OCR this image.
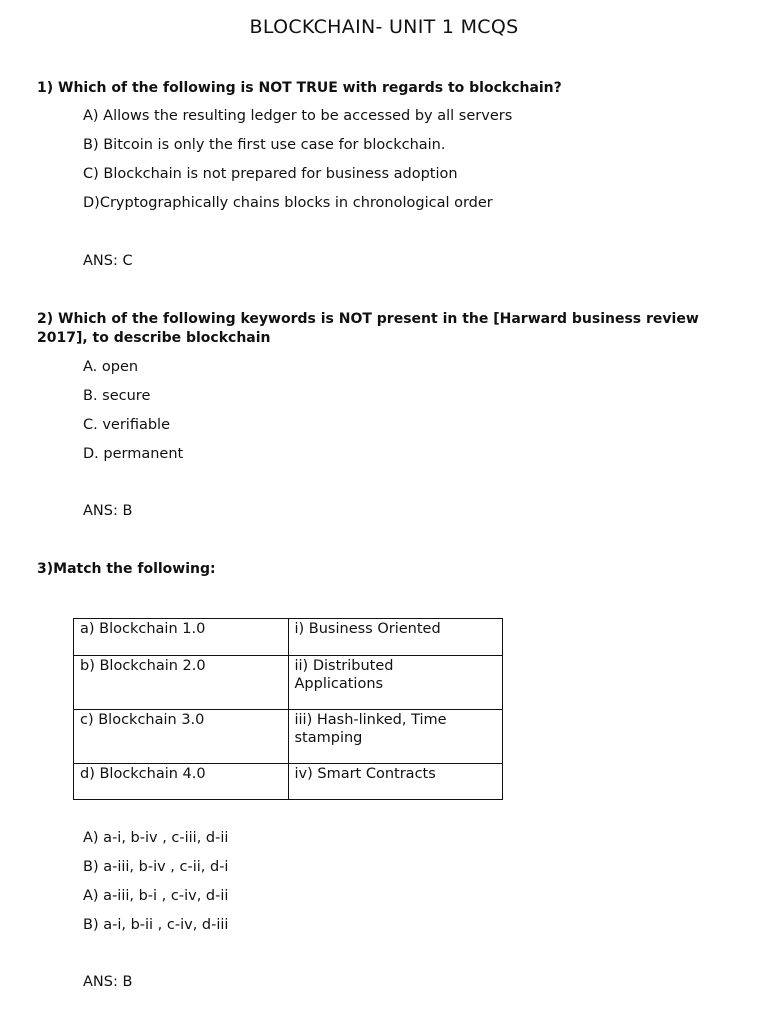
BLOCKCHAIN- UNIT 1 MCQS

1) Which of the following is NOT TRUE with regards to blockchain?

A) Allows the resulting ledger to be accessed by all servers

B) Bitcoin is only the first use case for blockchain.

C) Blockchain is not prepared for business adoption

D)Cryptographically chains blocks in chronological order

ANS: C

2) Which of the following keywords is NOT present in the [Harward business review 2017], to describe blockchain

A. open

B. secure

C. verifiable

D. permanent

ANS: B

3)Match the following:

a) Blockchain 1.0	i) Business Oriented
b) Blockchain 2.0	ii) Distributed Applications
c) Blockchain 3.0	iii) Hash-linked, Time stamping
d) Blockchain 4.0	iv) Smart Contracts

A) a-i, b-iv , c-iii, d-ii

B) a-iii, b-iv , c-ii, d-i

A) a-iii, b-i , c-iv, d-ii

B) a-i, b-ii , c-iv, d-iii

ANS: B
